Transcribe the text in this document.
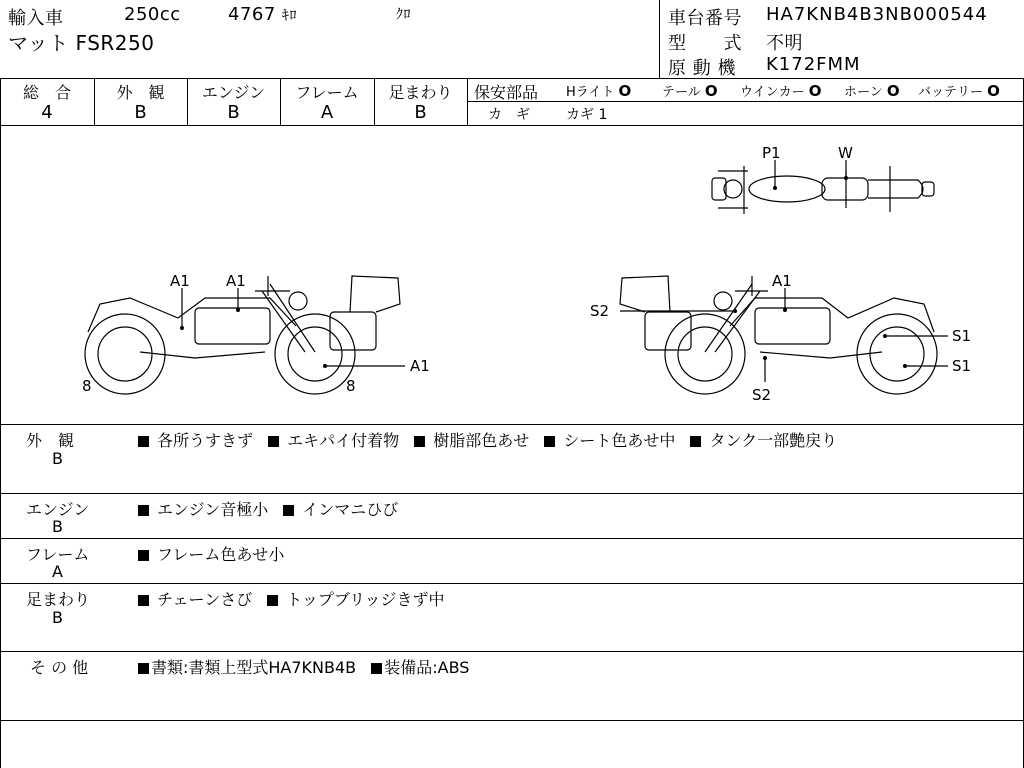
輸入車	250cc	4767 ｷﾛ	ｸﾛ
マット FSR250
車台番号 HA7KNB4B3NB000544
型　　式 不明
原 動 機 K172FMM
総　合	外　観	エンジン	フレーム	足まわり
4	B	B	A	B
保安部品 Hライト O テール O ウインカー O ホーン O バッテリー O
カ　ギ	カギ 1
A1 A1
A1
8	8
A1
S2
S2
S1
S1
P1	W
外　観
B
各所うすきず エキパイ付着物 樹脂部色あせ シート色あせ中 タンク一部艶戻り
エンジン
B
エンジン音極小 インマニひび
フレーム
A
フレーム色あせ小
足まわり
B
チェーンさび トップブリッジきず中
そ の 他	書類:書類上型式HA7KNB4B 装備品:ABS
